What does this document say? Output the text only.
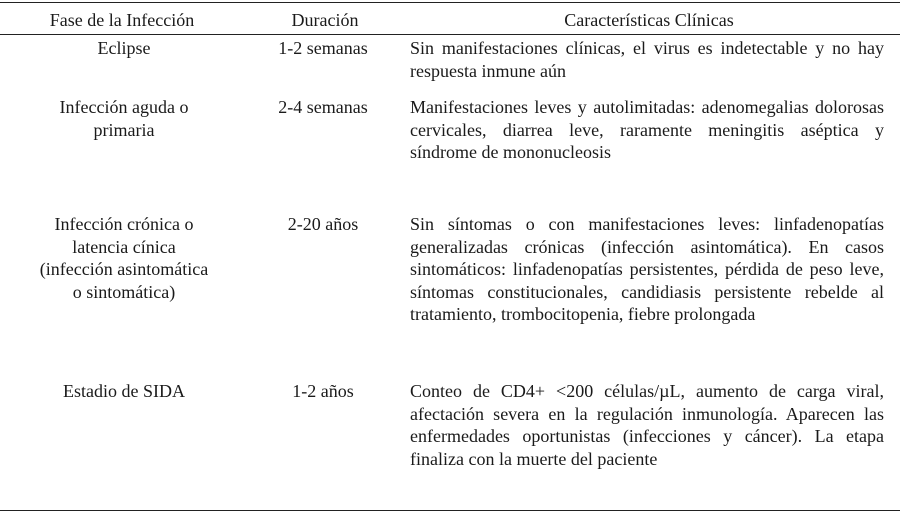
Fase de la Infección	Duración	Características Clínicas
Eclipse	1-2 semanas	Sin manifestaciones clínicas, el virus es indetectable y no hay respuesta inmune aún
Infección aguda o
primaria
2-4 semanas	Manifestaciones leves y autolimitadas: adenomegalias dolorosas cervicales, diarrea leve, raramente meningitis aséptica y síndrome de mononucleosis
Infección crónica o
latencia cínica
(infección asintomática
o sintomática)
2-20 años	Sin síntomas o con manifestaciones leves: linfadenopatías generalizadas crónicas (infección asintomática). En casos sintomáticos: linfadenopatías persistentes, pérdida de peso leve, síntomas constitucionales, candidiasis persistente rebelde al tratamiento, trombocitopenia, fiebre prolongada
Estadio de SIDA	1-2 años	Conteo de CD4+ <200 células/µL, aumento de carga viral, afectación severa en la regulación inmunología. Aparecen las enfermedades oportunistas (infecciones y cáncer). La etapa finaliza con la muerte del paciente
